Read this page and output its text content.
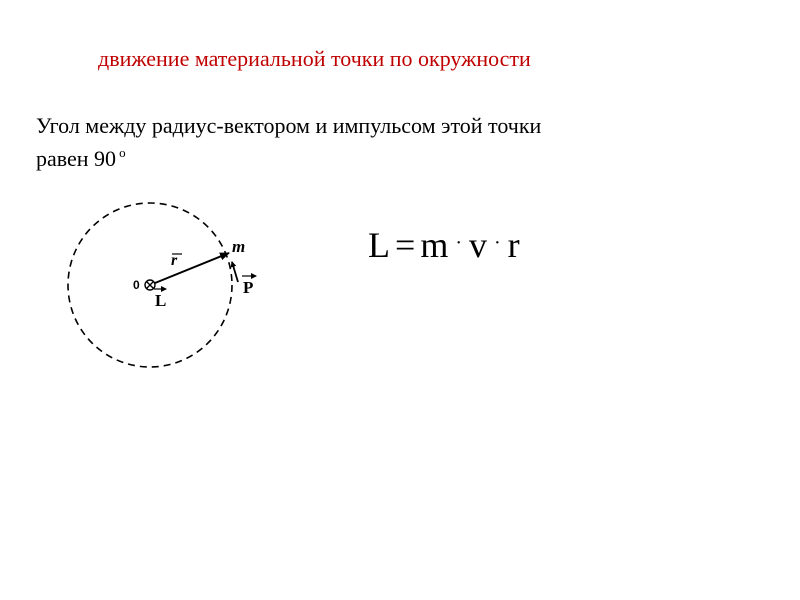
движение материальной точки по окружности
Угол между радиус-вектором и импульсом этой точки
равен 90 $^о$
0
r
m
L
P
L = m · v · r
